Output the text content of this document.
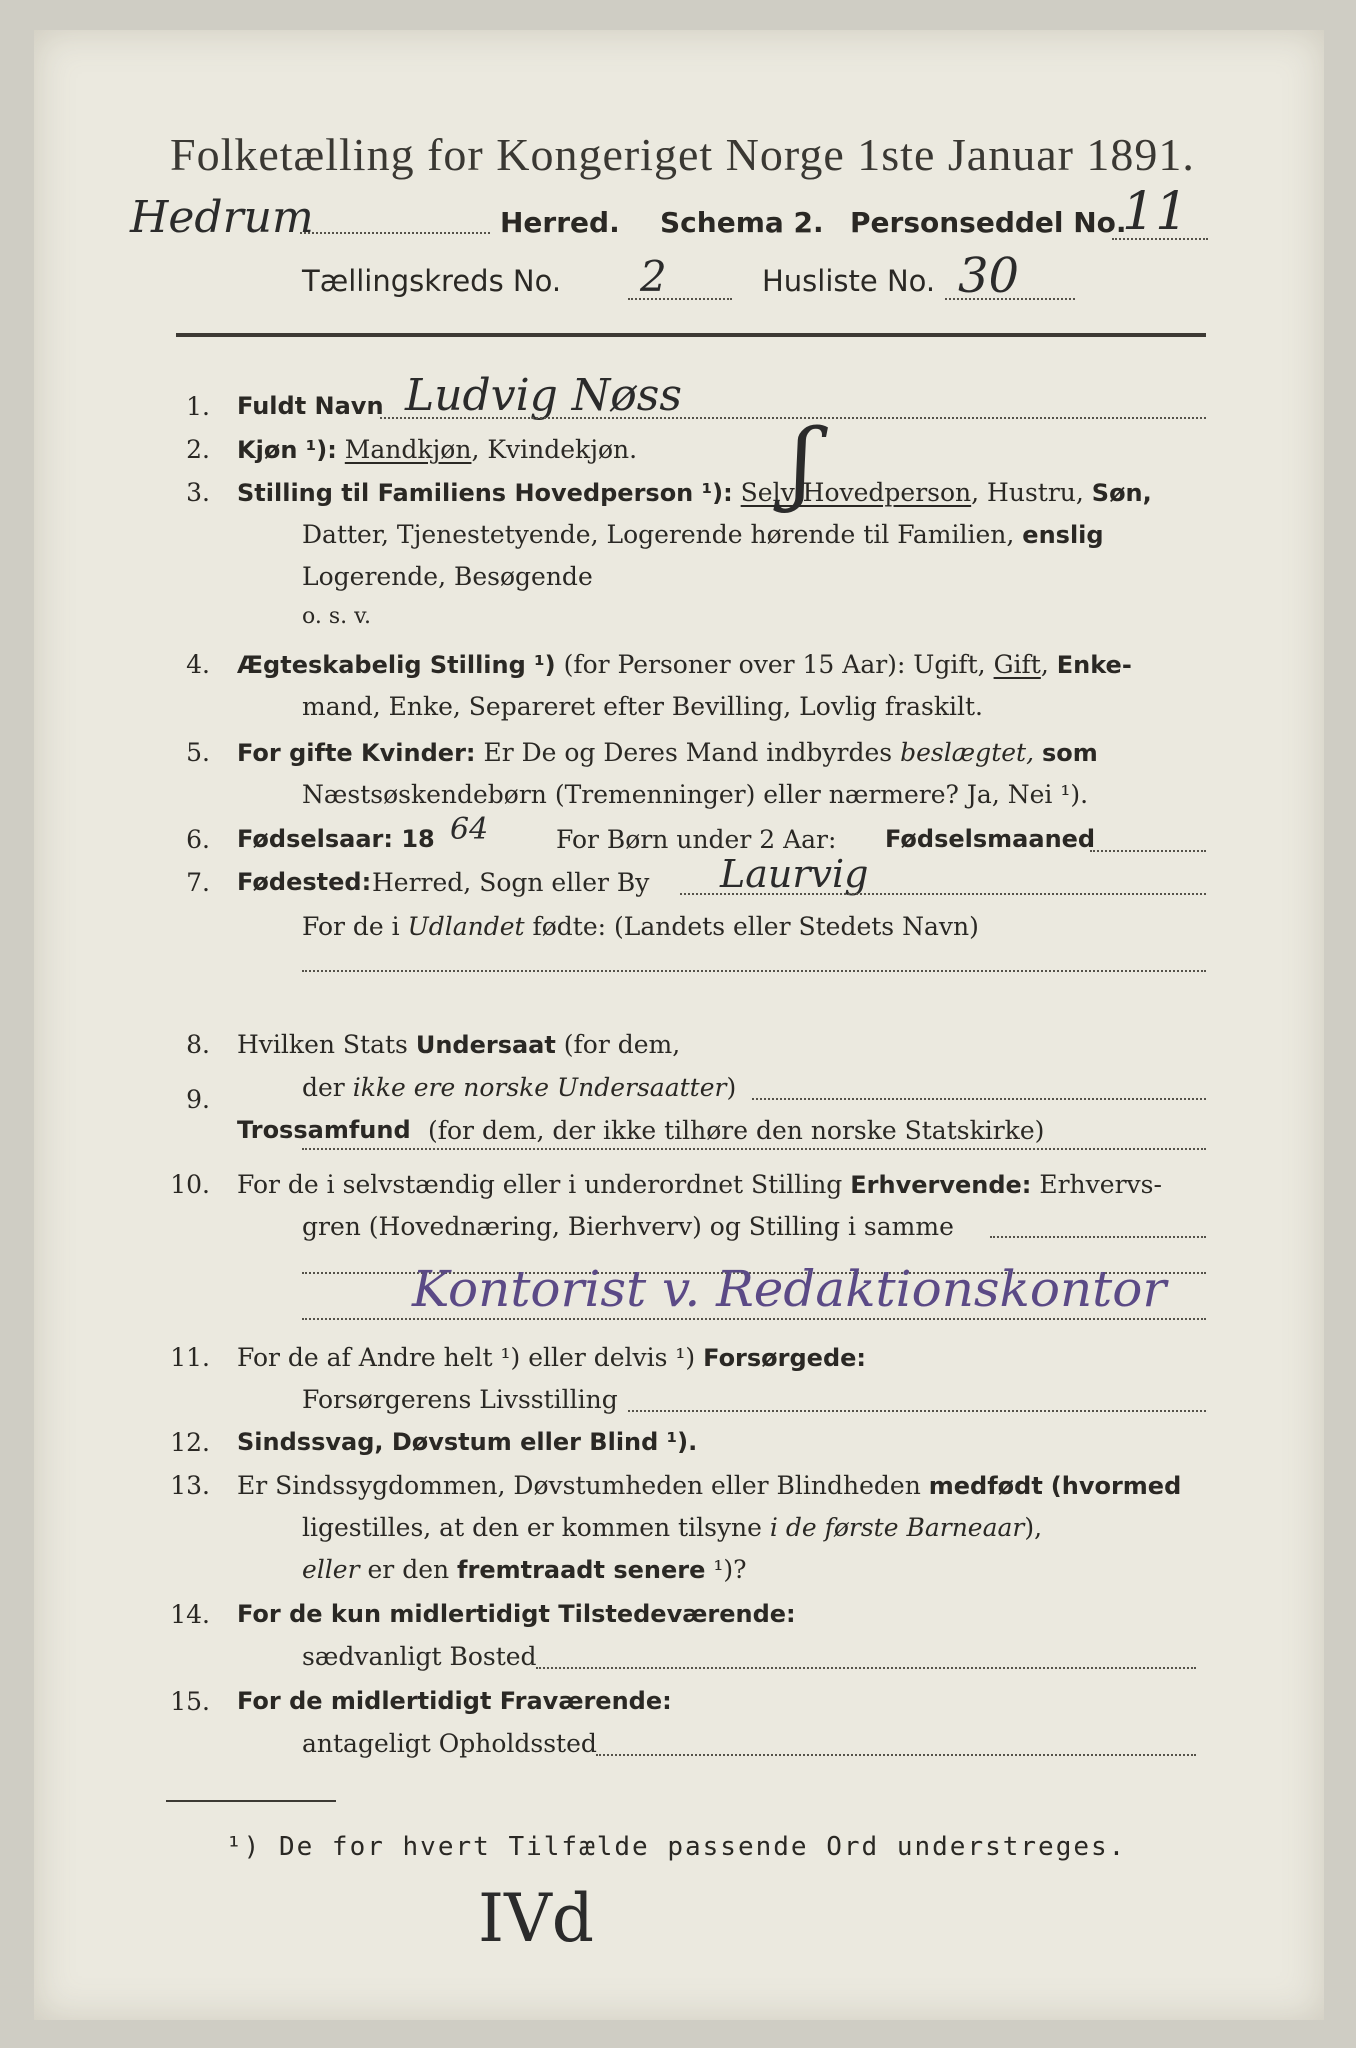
Folketælling for Kongeriget Norge 1ste Januar 1891.
Hedrum	Herred. Schema 2. Personseddel No.
11
Tællingskreds No. 2	Husliste No. 30
1. Fuldt Navn Ludvig Nøss
2. Kjøn ¹): Mandkjøn, Kvindekjøn.
3. Stilling til Familiens Hovedperson ¹): Selv Hovedperson, Hustru, Søn,
Datter, Tjenestetyende, Logerende hørende til Familien, enslig
Logerende, Besøgende
o. s. v.
ʃ
4. Ægteskabelig Stilling ¹) (for Personer over 15 Aar): Ugift, Gift, Enke-
mand, Enke, Separeret efter Bevilling, Lovlig fraskilt.
5. For gifte Kvinder: Er De og Deres Mand indbyrdes beslægtet, som
Næstsøskendebørn (Tremenninger) eller nærmere? Ja, Nei ¹).
6. Fødselsaar: 18 64	For Børn under 2 Aar: Fødselsmaaned
7. Fødested: Herred, Sogn eller By Laurvig
For de i Udlandet fødte: (Landets eller Stedets Navn)
8. Hvilken Stats Undersaat (for dem,
der ikke ere norske Undersaatter)
9.
Trossamfund (for dem, der ikke tilhøre den norske Statskirke)
10. For de i selvstændig eller i underordnet Stilling Erhvervende: Erhvervs-
gren (Hovednæring, Bierhverv) og Stilling i samme
Kontorist v. Redaktionskontor
11. For de af Andre helt ¹) eller delvis ¹) Forsørgede:
Forsørgerens Livsstilling
12. Sindssvag, Døvstum eller Blind ¹).
13. Er Sindssygdommen, Døvstumheden eller Blindheden medfødt (hvormed
ligestilles, at den er kommen tilsyne i de første Barneaar),
eller er den fremtraadt senere ¹)?
14. For de kun midlertidigt Tilstedeværende:
sædvanligt Bosted
15. For de midlertidigt Fraværende:
antageligt Opholdssted
¹) De for hvert Tilfælde passende Ord understreges.
IVd
